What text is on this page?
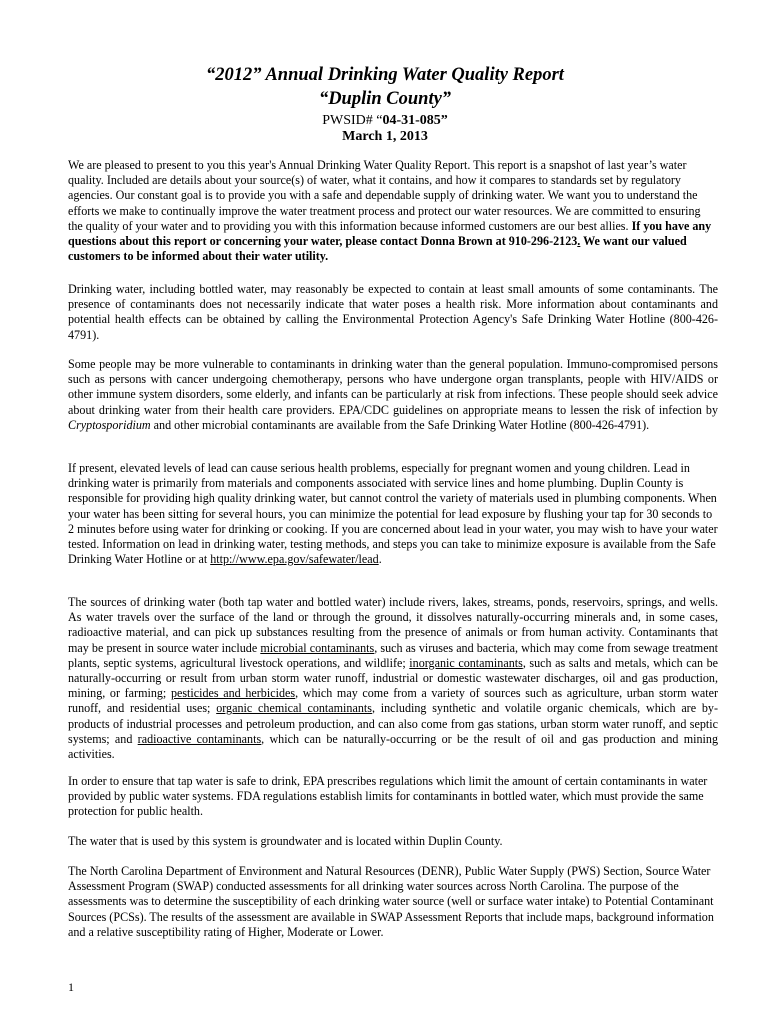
“2012” Annual Drinking Water Quality Report
“Duplin County”
PWSID# “04-31-085”
March 1, 2013

We are pleased to present to you this year's Annual Drinking Water Quality Report. This report is a snapshot of last year’s water quality. Included are details about your source(s) of water, what it contains, and how it compares to standards set by regulatory agencies. Our constant goal is to provide you with a safe and dependable supply of drinking water. We want you to understand the efforts we make to continually improve the water treatment process and protect our water resources. We are committed to ensuring the quality of your water and to providing you with this information because informed customers are our best allies. If you have any questions about this report or concerning your water, please contact Donna Brown at 910-296-2123. We want our valued customers to be informed about their water utility.

Drinking water, including bottled water, may reasonably be expected to contain at least small amounts of some contaminants. The presence of contaminants does not necessarily indicate that water poses a health risk. More information about contaminants and potential health effects can be obtained by calling the Environmental Protection Agency's Safe Drinking Water Hotline (800-426-4791).

Some people may be more vulnerable to contaminants in drinking water than the general population. Immuno-compromised persons such as persons with cancer undergoing chemotherapy, persons who have undergone organ transplants, people with HIV/AIDS or other immune system disorders, some elderly, and infants can be particularly at risk from infections. These people should seek advice about drinking water from their health care providers. EPA/CDC guidelines on appropriate means to lessen the risk of infection by Cryptosporidium and other microbial contaminants are available from the Safe Drinking Water Hotline (800-426-4791).

If present, elevated levels of lead can cause serious health problems, especially for pregnant women and young children. Lead in drinking water is primarily from materials and components associated with service lines and home plumbing. Duplin County is responsible for providing high quality drinking water, but cannot control the variety of materials used in plumbing components. When your water has been sitting for several hours, you can minimize the potential for lead exposure by flushing your tap for 30 seconds to 2 minutes before using water for drinking or cooking. If you are concerned about lead in your water, you may wish to have your water tested. Information on lead in drinking water, testing methods, and steps you can take to minimize exposure is available from the Safe Drinking Water Hotline or at http://www.epa.gov/safewater/lead.

The sources of drinking water (both tap water and bottled water) include rivers, lakes, streams, ponds, reservoirs, springs, and wells. As water travels over the surface of the land or through the ground, it dissolves naturally-occurring minerals and, in some cases, radioactive material, and can pick up substances resulting from the presence of animals or from human activity. Contaminants that may be present in source water include microbial contaminants, such as viruses and bacteria, which may come from sewage treatment plants, septic systems, agricultural livestock operations, and wildlife; inorganic contaminants, such as salts and metals, which can be naturally-occurring or result from urban storm water runoff, industrial or domestic wastewater discharges, oil and gas production, mining, or farming; pesticides and herbicides, which may come from a variety of sources such as agriculture, urban storm water runoff, and residential uses; organic chemical contaminants, including synthetic and volatile organic chemicals, which are by-products of industrial processes and petroleum production, and can also come from gas stations, urban storm water runoff, and septic systems; and radioactive contaminants, which can be naturally-occurring or be the result of oil and gas production and mining activities.

In order to ensure that tap water is safe to drink, EPA prescribes regulations which limit the amount of certain contaminants in water provided by public water systems. FDA regulations establish limits for contaminants in bottled water, which must provide the same protection for public health.

The water that is used by this system is groundwater and is located within Duplin County.

The North Carolina Department of Environment and Natural Resources (DENR), Public Water Supply (PWS) Section, Source Water Assessment Program (SWAP) conducted assessments for all drinking water sources across North Carolina. The purpose of the assessments was to determine the susceptibility of each drinking water source (well or surface water intake) to Potential Contaminant Sources (PCSs). The results of the assessment are available in SWAP Assessment Reports that include maps, background information and a relative susceptibility rating of Higher, Moderate or Lower.

1
